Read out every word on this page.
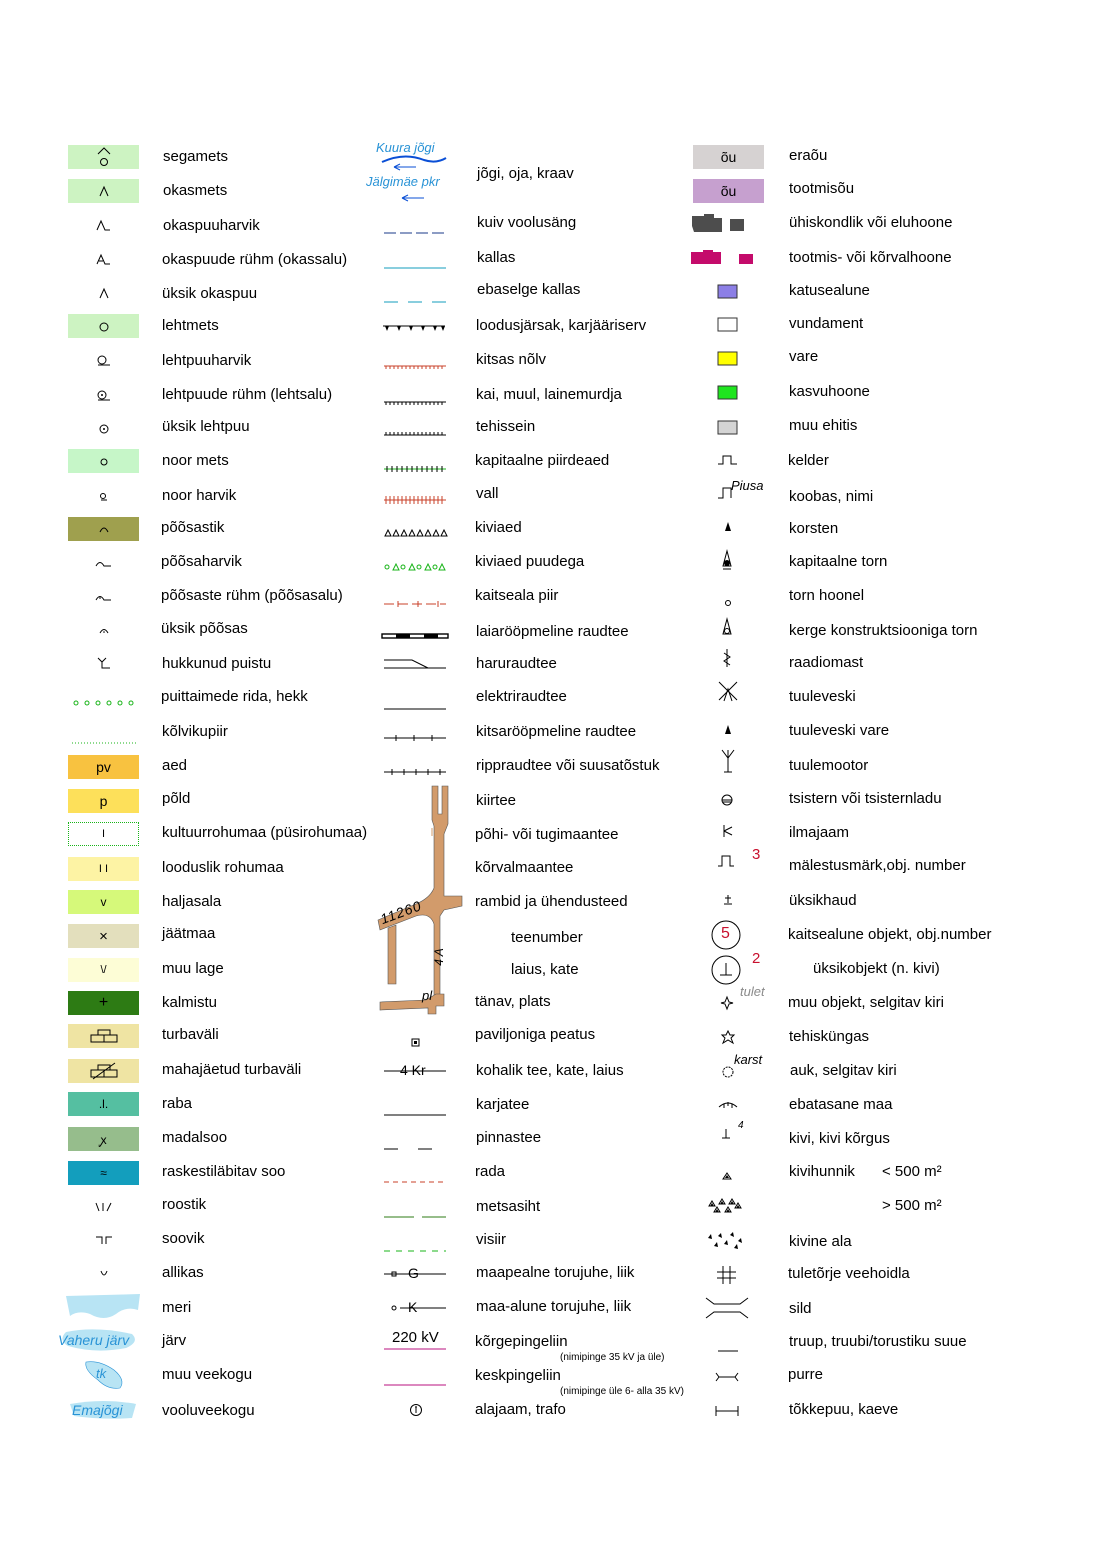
segamets
okasmets
okaspuuharvik
okaspuude rühm (okassalu)
üksik okaspuu
lehtmets
lehtpuuharvik
lehtpuude rühm (lehtsalu)
üksik lehtpuu
noor mets
noor harvik
põõsastik
põõsaharvik
põõsaste rühm (põõsasalu)
üksik põõsas
hukkunud puistu
puittaimede rida, hekk
kõlvikupiir
pv	aed
p	põld
I	kultuurrohumaa (püsirohumaa)
I I	looduslik rohumaa
v	haljasala
×	jäätmaa
\/	muu lage
+	kalmistu
turbaväli
mahajäetud turbaväli
.l.	raba
ꭙ	madalsoo
≈	raskestiläbitav soo
roostik
soovik
allikas
meri
Vaheru järv järv
tk	muu veekogu
Emajõgi	vooluveekogu
Kuura jõgi
Jälgimäe pkr jõgi, oja, kraav
kuiv voolusäng
kallas
ebaselge kallas
loodusjärsak, karjääriserv
kitsas nõlv
kai, muul, lainemurdja
tehissein
kapitaalne piirdeaed
vall
kiviaed
kiviaed puudega
kaitseala piir
laiarööpmeline raudtee
haruraudtee
elektriraudtee
kitsarööpmeline raudtee
rippraudtee või suusatõstuk
11260
4 A
pl
kiirtee
põhi- või tugimaantee
kõrvalmaantee
rambid ja ühendusteed
teenumber
laius, kate
tänav, plats
paviljoniga peatus
4 Kr	kohalik tee, kate, laius
karjatee
pinnastee
rada
metsasiht
visiir
G	maapealne torujuhe, liik
K	maa-alune torujuhe, liik
220 kV kõrgepingeliin
(nimipinge 35 kV ja üle)
keskpingeliin
(nimipinge üle 6- alla 35 kV)
alajaam, trafo
õu	eraõu
õu	tootmisõu
ühiskondlik või eluhoone
tootmis- või kõrvalhoone
katusealune
vundament
vare
kasvuhoone
muu ehitis
kelder
Piusa
koobas, nimi
korsten
kapitaalne torn
torn hoonel
kerge konstruktsiooniga torn
raadiomast
tuuleveski
tuuleveski vare
tuulemootor
tsistern või tsisternladu
ilmajaam
3
mälestusmärk,obj. number
üksikhaud
5	kaitsealune objekt, obj.number
2
üksikobjekt (n. kivi)
tulet
muu objekt, selgitav kiri
tehisküngas
karst
auk, selgitav kiri
ebatasane maa
4
kivi, kivi kõrgus
kivihunnik < 500 m²
> 500 m²
kivine ala
tuletõrje veehoidla
sild
truup, truubi/torustiku suue
purre
tõkkepuu, kaeve
